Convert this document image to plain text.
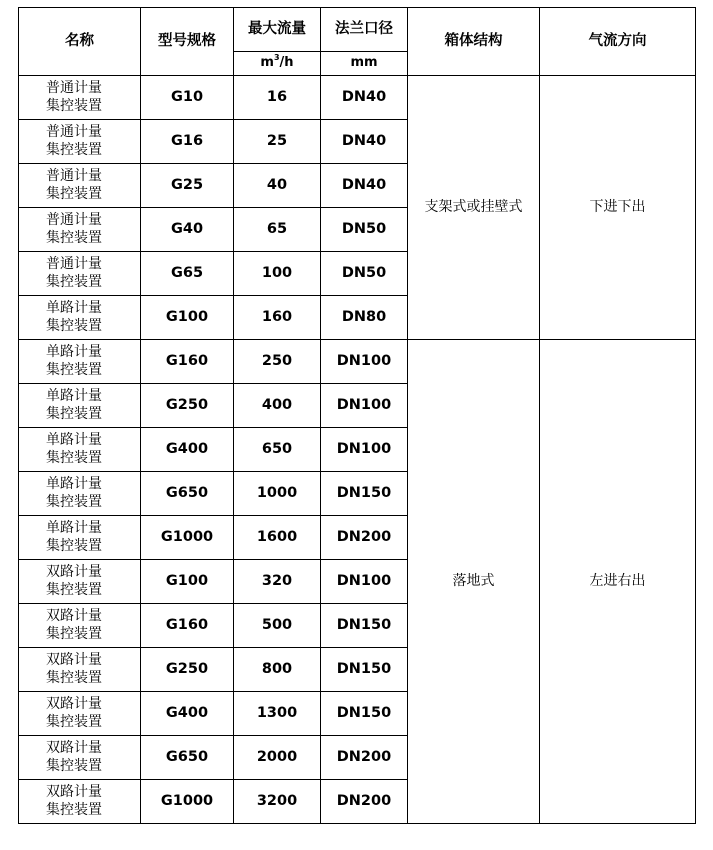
名称	型号规格	最大流量	法兰口径	箱体结构	气流方向
		$m^3/h$	mm		

普通计量
集控装置	G10	16	DN40	支架式或挂壁式	下进下出

普通计量
集控装置	G16	25	DN40		

普通计量
集控装置	G25	40	DN40		

普通计量
集控装置	G40	65	DN50		

普通计量
集控装置	G65	100	DN50		

单路计量
集控装置	G100	160	DN80		

单路计量
集控装置	G160	250	DN100	落地式	左进右出

单路计量
集控装置	G250	400	DN100		

单路计量
集控装置	G400	650	DN100		

单路计量
集控装置	G650	1000	DN150		

单路计量
集控装置	G1000	1600	DN200		

双路计量
集控装置	G100	320	DN100		

双路计量
集控装置	G160	500	DN150		

双路计量
集控装置	G250	800	DN150		

双路计量
集控装置	G400	1300	DN150		

双路计量
集控装置	G650	2000	DN200		

双路计量
集控装置	G1000	3200	DN200		
